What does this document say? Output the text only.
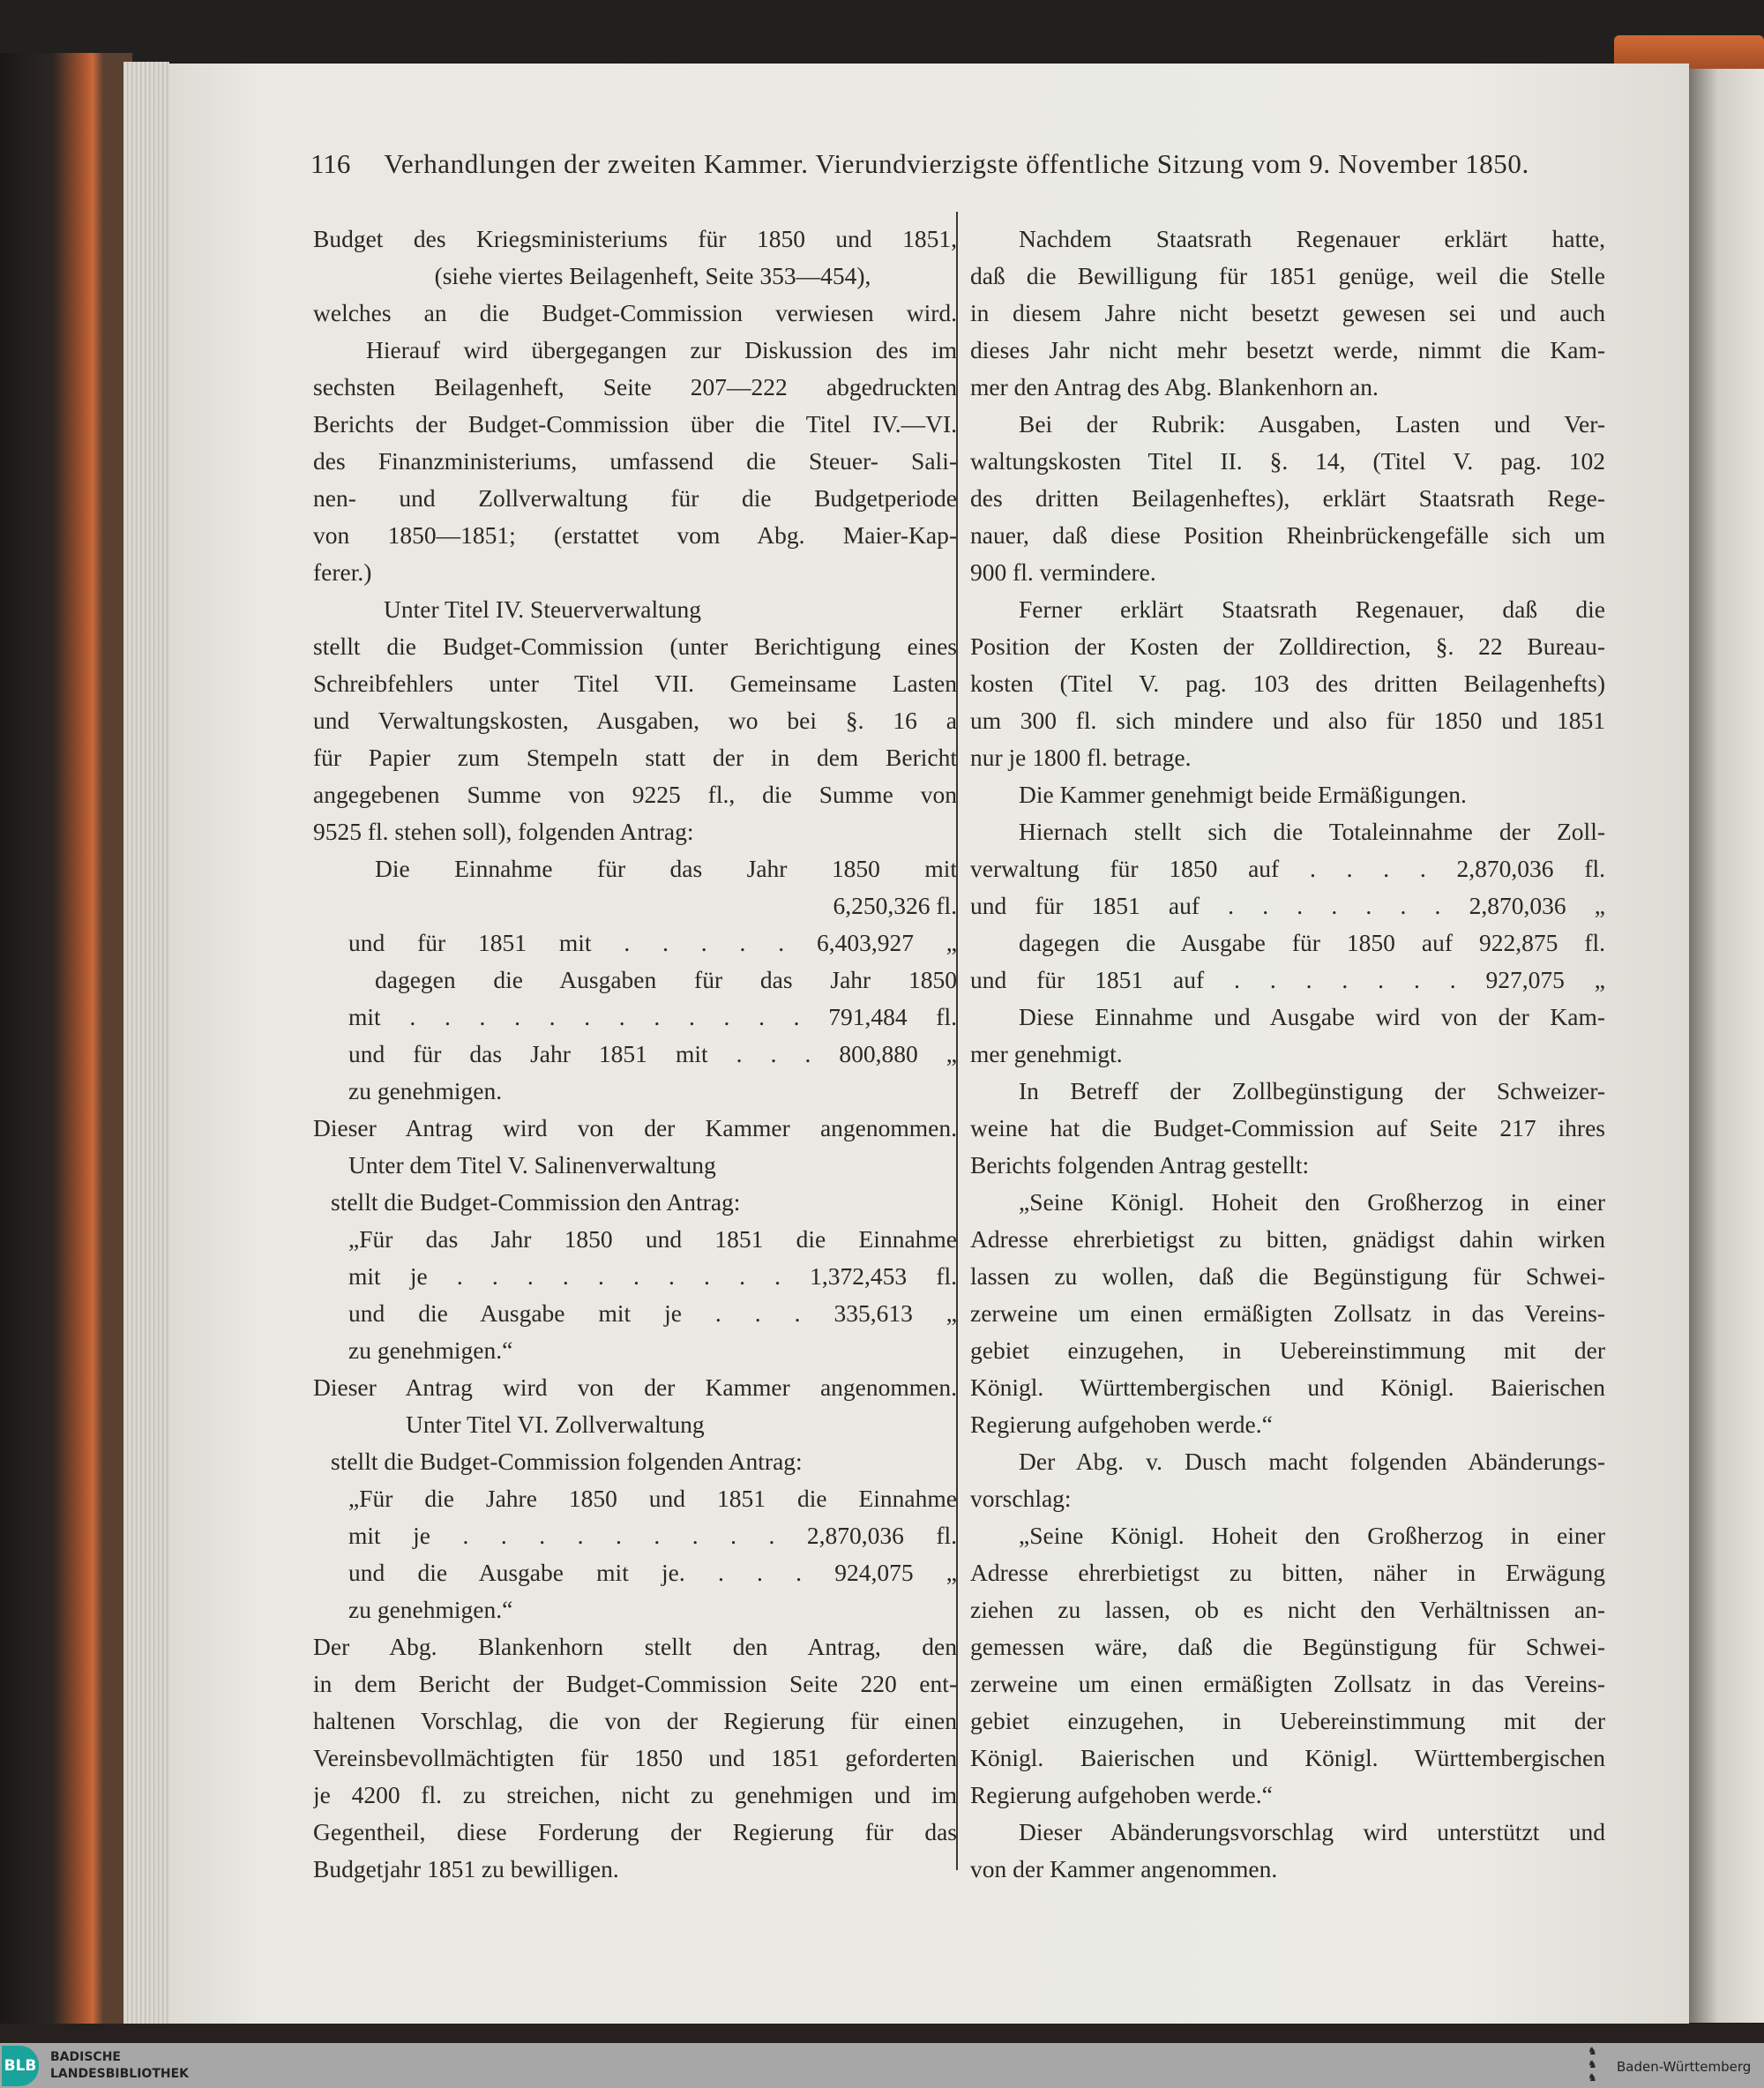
116 Verhandlungen der zweiten Kammer. Vierundvierzigste öffentliche Sitzung vom 9. November 1850.
Budget des Kriegsministeriums für 1850 und 1851,
(siehe viertes Beilagenheft, Seite 353—454),
welches an die Budget-Commission verwiesen wird.
Hierauf wird übergegangen zur Diskussion des im
sechsten Beilagenheft, Seite 207—222 abgedruckten
Berichts der Budget-Commission über die Titel IV.—VI.
des Finanzministeriums, umfassend die Steuer- Sali-
nen- und Zollverwaltung für die Budgetperiode
von 1850—1851; (erstattet vom Abg. Maier-Kap-
ferer.)
Unter Titel IV. Steuerverwaltung
stellt die Budget-Commission (unter Berichtigung eines
Schreibfehlers unter Titel VII. Gemeinsame Lasten
und Verwaltungskosten, Ausgaben, wo bei §. 16 a
für Papier zum Stempeln statt der in dem Bericht
angegebenen Summe von 9225 fl., die Summe von
9525 fl. stehen soll), folgenden Antrag:
Die Einnahme für das Jahr 1850 mit
6,250,326 fl.
und für 1851 mit . . . . . 6,403,927 „
dagegen die Ausgaben für das Jahr 1850
mit . . . . . . . . . . . . 791,484 fl.
und für das Jahr 1851 mit . . . 800,880 „
zu genehmigen.
Dieser Antrag wird von der Kammer angenommen.
Unter dem Titel V. Salinenverwaltung
stellt die Budget-Commission den Antrag:
„Für das Jahr 1850 und 1851 die Einnahme
mit je . . . . . . . . . . 1,372,453 fl.
und die Ausgabe mit je . . . 335,613 „
zu genehmigen.“
Dieser Antrag wird von der Kammer angenommen.
Unter Titel VI. Zollverwaltung
stellt die Budget-Commission folgenden Antrag:
„Für die Jahre 1850 und 1851 die Einnahme
mit je . . . . . . . . . 2,870,036 fl.
und die Ausgabe mit je. . . . 924,075 „
zu genehmigen.“
Der Abg. Blankenhorn stellt den Antrag, den
in dem Bericht der Budget-Commission Seite 220 ent-
haltenen Vorschlag, die von der Regierung für einen
Vereinsbevollmächtigten für 1850 und 1851 geforderten
je 4200 fl. zu streichen, nicht zu genehmigen und im
Gegentheil, diese Forderung der Regierung für das
Budgetjahr 1851 zu bewilligen.
Nachdem Staatsrath Regenauer erklärt hatte,
daß die Bewilligung für 1851 genüge, weil die Stelle
in diesem Jahre nicht besetzt gewesen sei und auch
dieses Jahr nicht mehr besetzt werde, nimmt die Kam-
mer den Antrag des Abg. Blankenhorn an.
Bei der Rubrik: Ausgaben, Lasten und Ver-
waltungskosten Titel II. §. 14, (Titel V. pag. 102
des dritten Beilagenheftes), erklärt Staatsrath Rege-
nauer, daß diese Position Rheinbrückengefälle sich um
900 fl. vermindere.
Ferner erklärt Staatsrath Regenauer, daß die
Position der Kosten der Zolldirection, §. 22 Bureau-
kosten (Titel V. pag. 103 des dritten Beilagenhefts)
um 300 fl. sich mindere und also für 1850 und 1851
nur je 1800 fl. betrage.
Die Kammer genehmigt beide Ermäßigungen.
Hiernach stellt sich die Totaleinnahme der Zoll-
verwaltung für 1850 auf . . . . 2,870,036 fl.
und für 1851 auf . . . . . . . 2,870,036 „
dagegen die Ausgabe für 1850 auf 922,875 fl.
und für 1851 auf . . . . . . . 927,075 „
Diese Einnahme und Ausgabe wird von der Kam-
mer genehmigt.
In Betreff der Zollbegünstigung der Schweizer-
weine hat die Budget-Commission auf Seite 217 ihres
Berichts folgenden Antrag gestellt:
„Seine Königl. Hoheit den Großherzog in einer
Adresse ehrerbietigst zu bitten, gnädigst dahin wirken
lassen zu wollen, daß die Begünstigung für Schwei-
zerweine um einen ermäßigten Zollsatz in das Vereins-
gebiet einzugehen, in Uebereinstimmung mit der
Königl. Württembergischen und Königl. Baierischen
Regierung aufgehoben werde.“
Der Abg. v. Dusch macht folgenden Abänderungs-
vorschlag:
„Seine Königl. Hoheit den Großherzog in einer
Adresse ehrerbietigst zu bitten, näher in Erwägung
ziehen zu lassen, ob es nicht den Verhältnissen an-
gemessen wäre, daß die Begünstigung für Schwei-
zerweine um einen ermäßigten Zollsatz in das Vereins-
gebiet einzugehen, in Uebereinstimmung mit der
Königl. Baierischen und Königl. Württembergischen
Regierung aufgehoben werde.“
Dieser Abänderungsvorschlag wird unterstützt und
von der Kammer angenommen.
BLB BADISCHE
LANDESBIBLIOTHEK
♞
♞
♞
Baden-Württemberg
